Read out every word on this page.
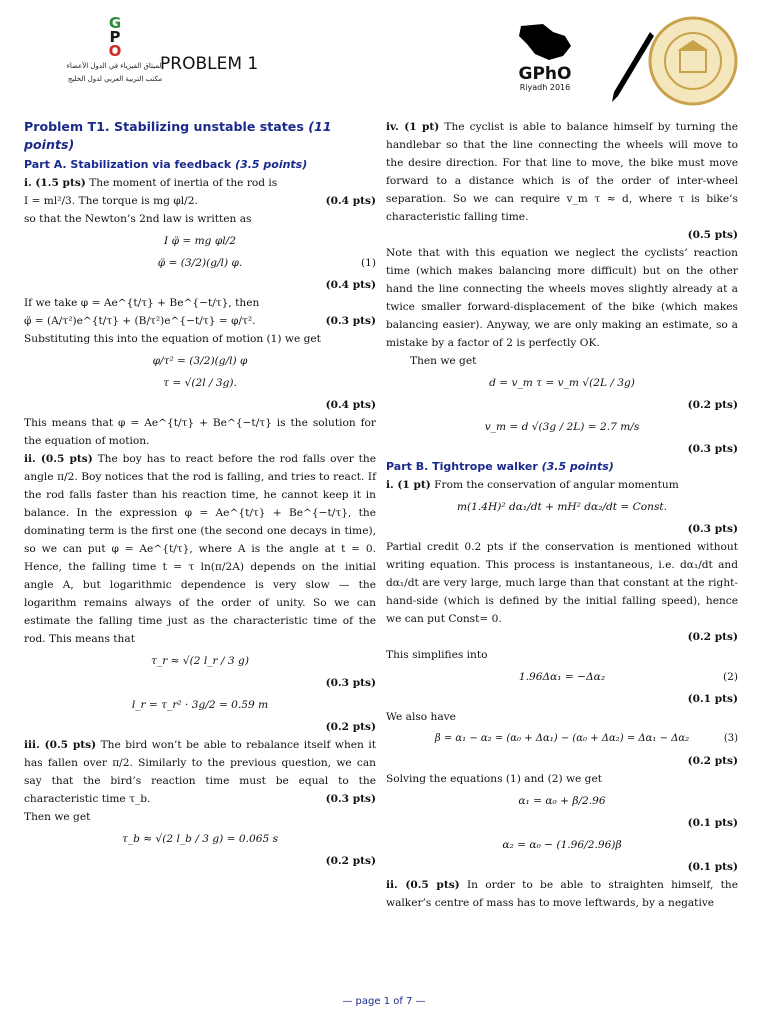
G
P
O
الميثاق الفيزياء في الدول الأعضاء
مكتب التربية العربي لدول الخليج
PROBLEM 1	GPhO
Riyadh 2016

Problem T1. Stabilizing unstable states (11 points)

Part A. Stabilization via feedback (3.5 points)

i. (1.5 pts) The moment of inertia of the rod is

I = ml²/3. The torque is mg φl/2.	(0.4 pts)

so that the Newton’s 2nd law is written as

I φ̈ = mg φl/2
φ̈ = (3/2)(g/l) φ.	(1)

(0.4 pts)

If we take φ = Ae^{t/τ} + Be^{−t/τ}, then

φ̈ = (A/τ²)e^{t/τ} + (B/τ²)e^{−t/τ} = φ/τ².	(0.3 pts)

Substituting this into the equation of motion (1) we get

φ/τ² = (3/2)(g/l) φ
τ = √(2l / 3g).

(0.4 pts)

This means that φ = Ae^{t/τ} + Be^{−t/τ} is the solution for the equation of motion.

ii. (0.5 pts) The boy has to react before the rod falls over the angle π/2. Boy notices that the rod is falling, and tries to react. If the rod falls faster than his reaction time, he cannot keep it in balance. In the expression φ = Ae^{t/τ} + Be^{−t/τ}, the dominating term is the first one (the second one decays in time), so we can put φ = Ae^{t/τ}, where A is the angle at t = 0. Hence, the falling time t = τ ln(π/2A) depends on the initial angle A, but logarithmic dependence is very slow — the logarithm remains always of the order of unity. So we can estimate the falling time just as the characteristic time of the rod. This means that

τ_r ≈ √(2 l_r / 3 g)

(0.3 pts)

l_r = τ_r² · 3g/2 = 0.59 m

(0.2 pts)

iii. (0.5 pts) The bird won’t be able to rebalance itself when it has fallen over π/2. Similarly to the previous question, we can say that the bird’s reaction time must be equal to the characteristic time τ_b.	(0.3 pts)

Then we get

τ_b ≈ √(2 l_b / 3 g) = 0.065 s

(0.2 pts)

iv. (1 pt) The cyclist is able to balance himself by turning the handlebar so that the line connecting the wheels will move to the desire direction. For that line to move, the bike must move forward to a distance which is of the order of inter-wheel separation. So we can require v_m τ ≈ d, where τ is bike’s characteristic falling time.

(0.5 pts)

Note that with this equation we neglect the cyclists’ reaction time (which makes balancing more difficult) but on the other hand the line connecting the wheels moves slightly already at a twice smaller forward-displacement of the bike (which makes balancing easier). Anyway, we are only making an estimate, so a mistake by a factor of 2 is perfectly OK.

Then we get

d = v_m τ = v_m √(2L / 3g)

(0.2 pts)

v_m = d √(3g / 2L) = 2.7 m/s

(0.3 pts)

Part B. Tightrope walker (3.5 points)

i. (1 pt) From the conservation of angular momentum

m(1.4H)² dα₁/dt + mH² dα₂/dt = Const.

(0.3 pts)

Partial credit 0.2 pts if the conservation is mentioned without writing equation. This process is instantaneous, i.e. dα₁/dt and dα₁/dt are very large, much large than that constant at the right-hand-side (which is defined by the initial falling speed), hence we can put Const= 0.

(0.2 pts)

This simplifies into

1.96Δα₁ = −Δα₂	(2)

(0.1 pts)

We also have

β = α₁ − α₂ = (α₀ + Δα₁) − (α₀ + Δα₂) = Δα₁ − Δα₂	(3)

(0.2 pts)

Solving the equations (1) and (2) we get

α₁ = α₀ + β/2.96

(0.1 pts)

α₂ = α₀ − (1.96/2.96)β

(0.1 pts)

ii. (0.5 pts) In order to be able to straighten himself, the walker’s centre of mass has to move leftwards, by a negative

— page 1 of 7 —
